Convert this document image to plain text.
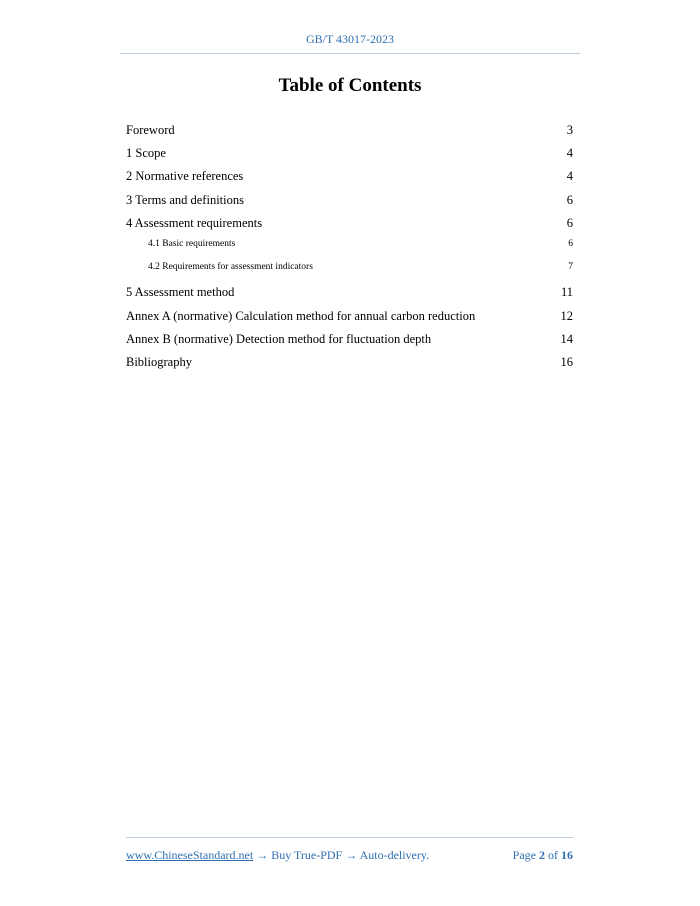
GB/T 43017-2023
Table of Contents
Foreword	3
1 Scope	4
2 Normative references	4
3 Terms and definitions	6
4 Assessment requirements	6
4.1 Basic requirements	6
4.2 Requirements for assessment indicators	7
5 Assessment method	11
Annex A (normative) Calculation method for annual carbon reduction	12
Annex B (normative) Detection method for fluctuation depth	14
Bibliography	16
www.ChineseStandard.net → Buy True-PDF → Auto-delivery.	Page 2 of 16
